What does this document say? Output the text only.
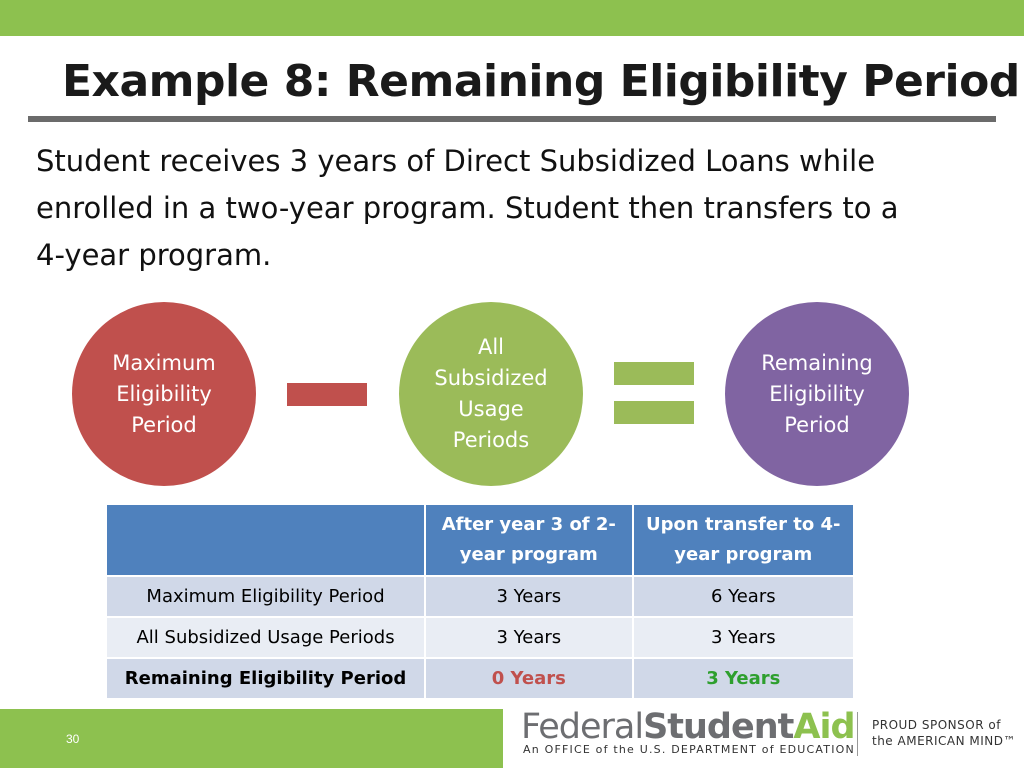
Example 8: Remaining Eligibility Period

Student receives 3 years of Direct Subsidized Loans while enrolled in a two-year program. Student then transfers to a 4-year program.

Maximum
Eligibility
Period
All
Subsidized
Usage
Periods
Remaining
Eligibility
Period
	After year 3 of 2-year program	Upon transfer to 4-year program
Maximum Eligibility Period	3 Years	6 Years
All Subsidized Usage Periods	3 Years	3 Years
Remaining Eligibility Period	0 Years	3 Years
30	FederalStudentAid
An OFFICE of the U.S. DEPARTMENT of EDUCATION
PROUD SPONSOR of
the AMERICAN MIND™
